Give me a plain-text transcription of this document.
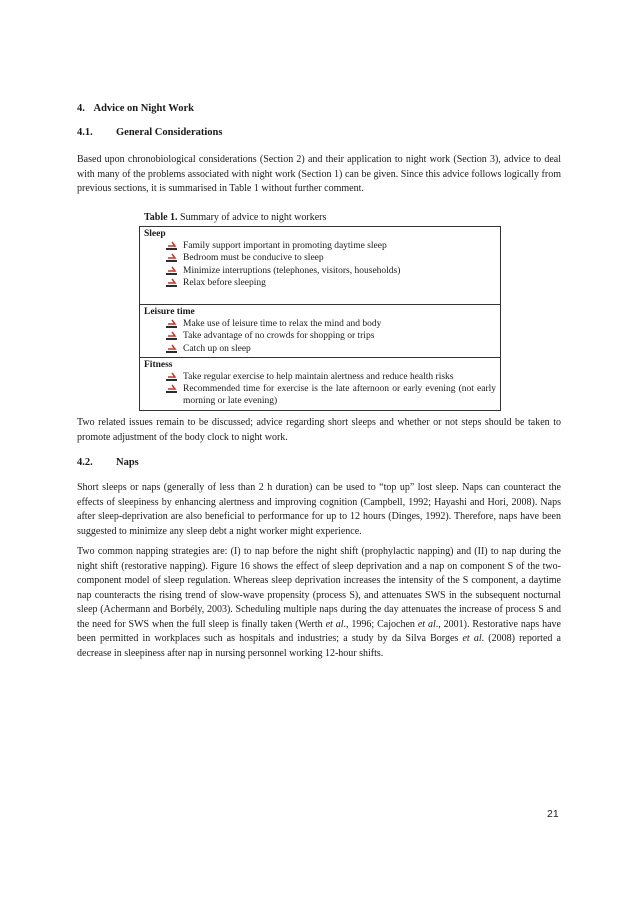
4. Advice on Night Work
4.1. General Considerations

Based upon chronobiological considerations (Section 2) and their application to night work (Section 3), advice to deal with many of the problems associated with night work (Section 1) can be given. Since this advice follows logically from previous sections, it is summarised in Table 1 without further comment.

Table 1. Summary of advice to night workers
Sleep
Family support important in promoting daytime sleep
Bedroom must be conducive to sleep
Minimize interruptions (telephones, visitors, households)
Relax before sleeping

Leisure time
Make use of leisure time to relax the mind and body
Take advantage of no crowds for shopping or trips
Catch up on sleep

Fitness
Take regular exercise to help maintain alertness and reduce health risks
Recommended time for exercise is the late afternoon or early evening (not early morning or late evening)

Two related issues remain to be discussed; advice regarding short sleeps and whether or not steps should be taken to promote adjustment of the body clock to night work.

4.2. Naps

Short sleeps or naps (generally of less than 2 h duration) can be used to “top up” lost sleep. Naps can counteract the effects of sleepiness by enhancing alertness and improving cognition (Campbell, 1992; Hayashi and Hori, 2008). Naps after sleep-deprivation are also beneficial to performance for up to 12 hours (Dinges, 1992). Therefore, naps have been suggested to minimize any sleep debt a night worker might experience.

Two common napping strategies are: (I) to nap before the night shift (prophylactic napping) and (II) to nap during the night shift (restorative napping). Figure 16 shows the effect of sleep deprivation and a nap on component S of the two-component model of sleep regulation. Whereas sleep deprivation increases the intensity of the S component, a daytime nap counteracts the rising trend of slow-wave propensity (process S), and attenuates SWS in the subsequent nocturnal sleep (Achermann and Borbély, 2003). Scheduling multiple naps during the day attenuates the increase of process S and the need for SWS when the full sleep is finally taken (Werth et al., 1996; Cajochen et al., 2001). Restorative naps have been permitted in workplaces such as hospitals and industries; a study by da Silva Borges et al. (2008) reported a decrease in sleepiness after nap in nursing personnel working 12-hour shifts.

21
